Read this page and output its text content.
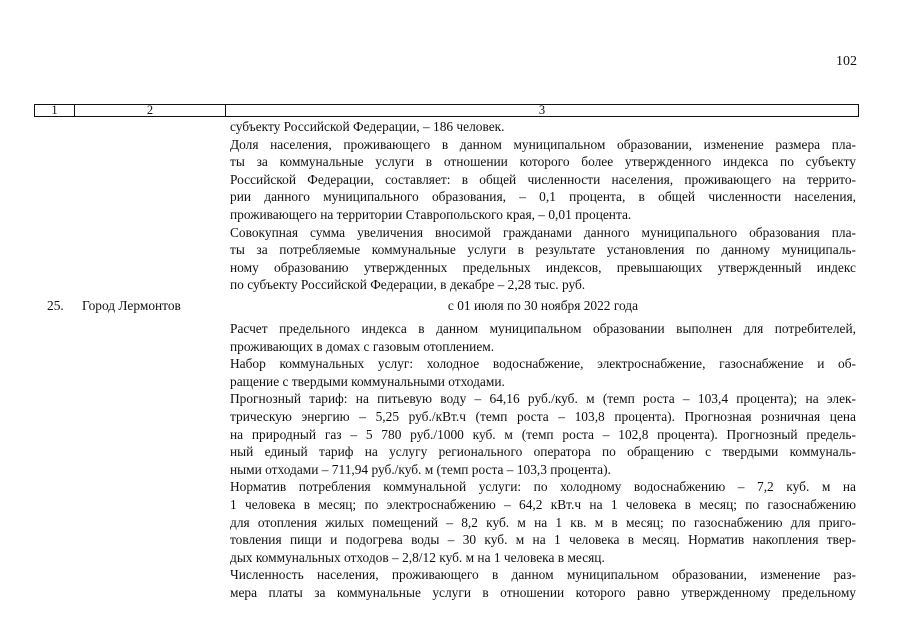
102
1	2	3
субъекту Российской Федерации, – 186 человек.
Доля населения, проживающего в данном муниципальном образовании, изменение размера пла-
ты за коммунальные услуги в отношении которого более утвержденного индекса по субъекту
Российской Федерации, составляет: в общей численности населения, проживающего на террито-
рии данного муниципального образования, – 0,1 процента, в общей численности населения,
проживающего на территории Ставропольского края, – 0,01 процента.
Совокупная сумма увеличения вносимой гражданами данного муниципального образования пла-
ты за потребляемые коммунальные услуги в результате установления по данному муниципаль-
ному образованию утвержденных предельных индексов, превышающих утвержденный индекс
по субъекту Российской Федерации, в декабре – 2,28 тыс. руб.
25. Город Лермонтов	с 01 июля по 30 ноября 2022 года
Расчет предельного индекса в данном муниципальном образовании выполнен для потребителей,
проживающих в домах с газовым отоплением.
Набор коммунальных услуг: холодное водоснабжение, электроснабжение, газоснабжение и об-
ращение с твердыми коммунальными отходами.
Прогнозный тариф: на питьевую воду – 64,16 руб./куб. м (темп роста – 103,4 процента); на элек-
трическую энергию – 5,25 руб./кВт.ч (темп роста – 103,8 процента). Прогнозная розничная цена
на природный газ – 5 780 руб./1000 куб. м (темп роста – 102,8 процента). Прогнозный предель-
ный единый тариф на услугу регионального оператора по обращению с твердыми коммуналь-
ными отходами – 711,94 руб./куб. м (темп роста – 103,3 процента).
Норматив потребления коммунальной услуги: по холодному водоснабжению – 7,2 куб. м на
1 человека в месяц; по электроснабжению – 64,2 кВт.ч на 1 человека в месяц; по газоснабжению
для отопления жилых помещений – 8,2 куб. м на 1 кв. м в месяц; по газоснабжению для приго-
товления пищи и подогрева воды – 30 куб. м на 1 человека в месяц. Норматив накопления твер-
дых коммунальных отходов – 2,8/12 куб. м на 1 человека в месяц.
Численность населения, проживающего в данном муниципальном образовании, изменение раз-
мера платы за коммунальные услуги в отношении которого равно утвержденному предельному
